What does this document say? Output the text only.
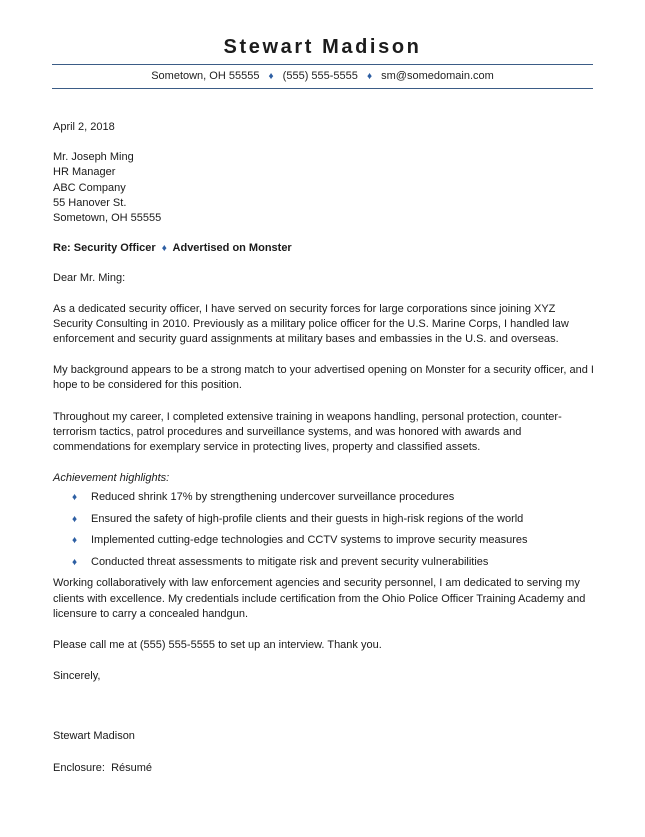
Stewart Madison
Sometown, OH 55555 ♦ (555) 555-5555 ♦ sm@somedomain.com

April 2, 2018

Mr. Joseph Ming

HR Manager

ABC Company

55 Hanover St.

Sometown, OH 55555

Re: Security Officer ♦ Advertised on Monster

Dear Mr. Ming:

As a dedicated security officer, I have served on security forces for large corporations since joining XYZ Security Consulting in 2010. Previously as a military police officer for the U.S. Marine Corps, I handled law enforcement and security guard assignments at military bases and embassies in the U.S. and overseas.

My background appears to be a strong match to your advertised opening on Monster for a security officer, and I hope to be considered for this position.

Throughout my career, I completed extensive training in weapons handling, personal protection, counter-terrorism tactics, patrol procedures and surveillance systems, and was honored with awards and commendations for exemplary service in protecting lives, property and classified assets.

Achievement highlights:

♦ Reduced shrink 17% by strengthening undercover surveillance procedures
♦ Ensured the safety of high-profile clients and their guests in high-risk regions of the world
♦ Implemented cutting-edge technologies and CCTV systems to improve security measures
♦ Conducted threat assessments to mitigate risk and prevent security vulnerabilities

Working collaboratively with law enforcement agencies and security personnel, I am dedicated to serving my clients with excellence. My credentials include certification from the Ohio Police Officer Training Academy and licensure to carry a concealed handgun.

Please call me at (555) 555-5555 to set up an interview. Thank you.

Sincerely,

Stewart Madison

Enclosure:  Résumé
